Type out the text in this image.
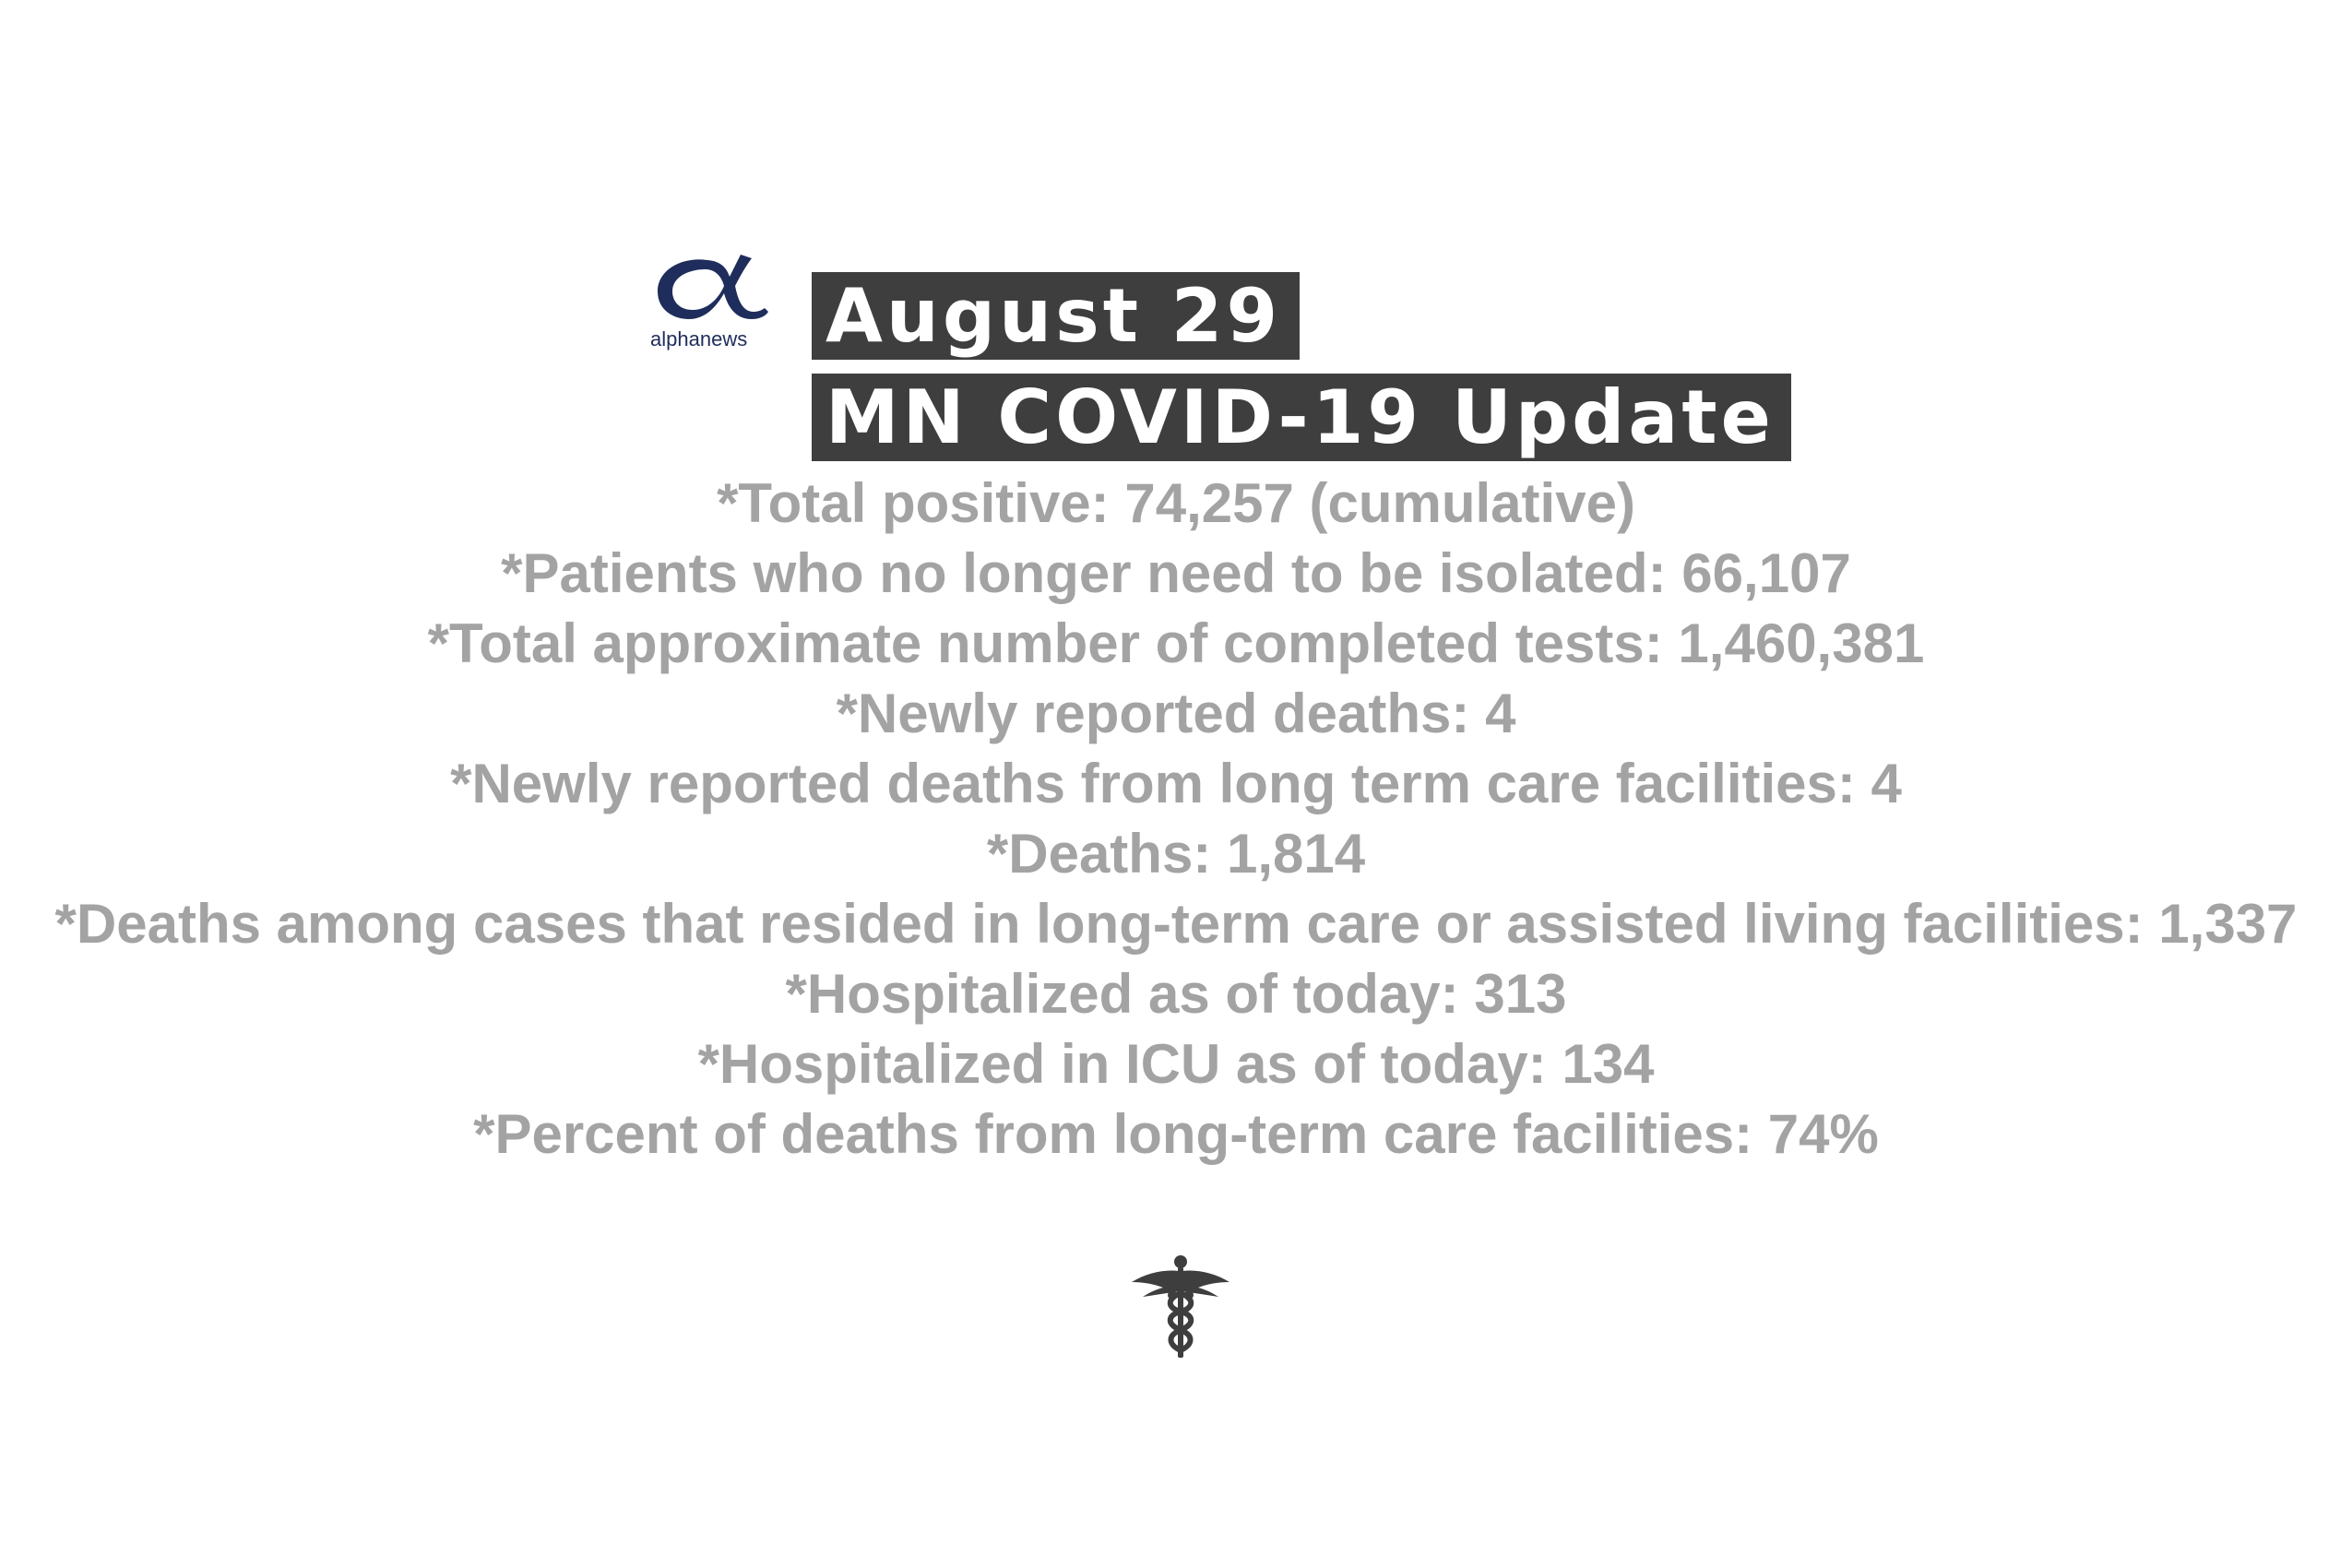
alphanews	August 29
MN COVID-19 Update
*Total positive: 74,257 (cumulative)
*Patients who no longer need to be isolated: 66,107
*Total approximate number of completed tests: 1,460,381
*Newly reported deaths: 4
*Newly reported deaths from long term care facilities: 4
*Deaths: 1,814
*Deaths among cases that resided in long-term care or assisted living facilities: 1,337
*Hospitalized as of today: 313
*Hospitalized in ICU as of today: 134
*Percent of deaths from long-term care facilities: 74%
